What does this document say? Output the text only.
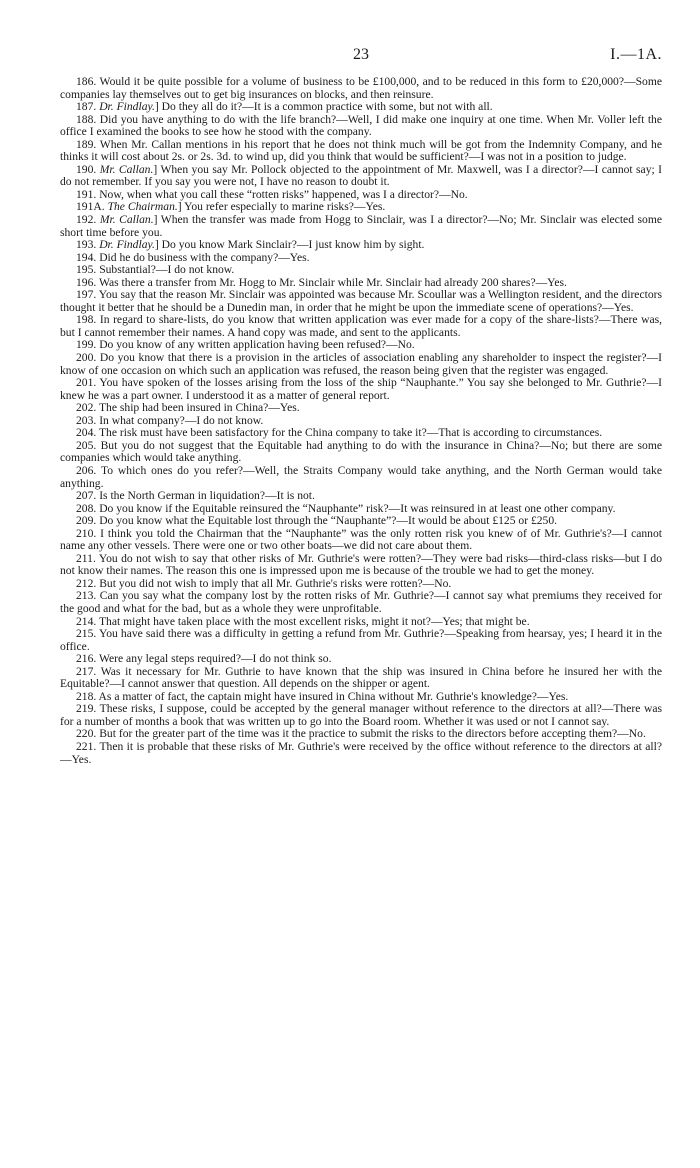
23	I.—1A.

186. Would it be quite possible for a volume of business to be £100,000, and to be reduced in this form to £20,000?—Some companies lay themselves out to get big insurances on blocks, and then reinsure.

187. Dr. Findlay.] Do they all do it?—It is a common practice with some, but not with all.

188. Did you have anything to do with the life branch?—Well, I did make one inquiry at one time. When Mr. Voller left the office I examined the books to see how he stood with the company.

189. When Mr. Callan mentions in his report that he does not think much will be got from the Indemnity Company, and he thinks it will cost about 2s. or 2s. 3d. to wind up, did you think that would be sufficient?—I was not in a position to judge.

190. Mr. Callan.] When you say Mr. Pollock objected to the appointment of Mr. Maxwell, was I a director?—I cannot say; I do not remember. If you say you were not, I have no reason to doubt it.

191. Now, when what you call these “rotten risks” happened, was I a director?—No.

191A. The Chairman.] You refer especially to marine risks?—Yes.

192. Mr. Callan.] When the transfer was made from Hogg to Sinclair, was I a director?—No; Mr. Sinclair was elected some short time before you.

193. Dr. Findlay.] Do you know Mark Sinclair?—I just know him by sight.

194. Did he do business with the company?—Yes.

195. Substantial?—I do not know.

196. Was there a transfer from Mr. Hogg to Mr. Sinclair while Mr. Sinclair had already 200 shares?—Yes.

197. You say that the reason Mr. Sinclair was appointed was because Mr. Scoullar was a Wellington resident, and the directors thought it better that he should be a Dunedin man, in order that he might be upon the immediate scene of operations?—Yes.

198. In regard to share-lists, do you know that written application was ever made for a copy of the share-lists?—There was, but I cannot remember their names. A hand copy was made, and sent to the applicants.

199. Do you know of any written application having been refused?—No.

200. Do you know that there is a provision in the articles of association enabling any shareholder to inspect the register?—I know of one occasion on which such an application was refused, the reason being given that the register was engaged.

201. You have spoken of the losses arising from the loss of the ship “Nauphante.” You say she belonged to Mr. Guthrie?—I knew he was a part owner. I understood it as a matter of general report.

202. The ship had been insured in China?—Yes.

203. In what company?—I do not know.

204. The risk must have been satisfactory for the China company to take it?—That is according to circumstances.

205. But you do not suggest that the Equitable had anything to do with the insurance in China?—No; but there are some companies which would take anything.

206. To which ones do you refer?—Well, the Straits Company would take anything, and the North German would take anything.

207. Is the North German in liquidation?—It is not.

208. Do you know if the Equitable reinsured the “Nauphante” risk?—It was reinsured in at least one other company.

209. Do you know what the Equitable lost through the “Nauphante”?—It would be about £125 or £250.

210. I think you told the Chairman that the “Nauphante” was the only rotten risk you knew of of Mr. Guthrie's?—I cannot name any other vessels. There were one or two other boats—we did not care about them.

211. You do not wish to say that other risks of Mr. Guthrie's were rotten?—They were bad risks—third-class risks—but I do not know their names. The reason this one is impressed upon me is because of the trouble we had to get the money.

212. But you did not wish to imply that all Mr. Guthrie's risks were rotten?—No.

213. Can you say what the company lost by the rotten risks of Mr. Guthrie?—I cannot say what premiums they received for the good and what for the bad, but as a whole they were unprofitable.

214. That might have taken place with the most excellent risks, might it not?—Yes; that might be.

215. You have said there was a difficulty in getting a refund from Mr. Guthrie?—Speaking from hearsay, yes; I heard it in the office.

216. Were any legal steps required?—I do not think so.

217. Was it necessary for Mr. Guthrie to have known that the ship was insured in China before he insured her with the Equitable?—I cannot answer that question. All depends on the shipper or agent.

218. As a matter of fact, the captain might have insured in China without Mr. Guthrie's knowledge?—Yes.

219. These risks, I suppose, could be accepted by the general manager without reference to the directors at all?—There was for a number of months a book that was written up to go into the Board room. Whether it was used or not I cannot say.

220. But for the greater part of the time was it the practice to submit the risks to the directors before accepting them?—No.

221. Then it is probable that these risks of Mr. Guthrie's were received by the office without reference to the directors at all?—Yes.
